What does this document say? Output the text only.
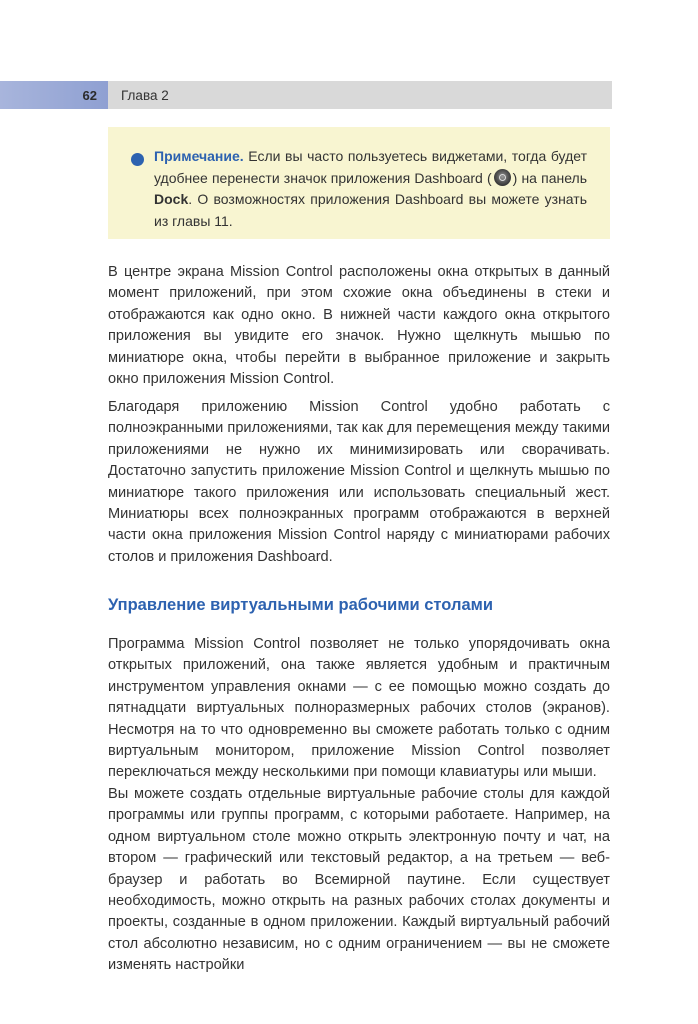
62 Глава 2
Примечание. Если вы часто пользуетесь виджетами, тогда будет удобнее перенести значок приложения Dashboard ( ) на панель Dock. О возможностях приложения Dashboard вы можете узнать из главы 11.

В центре экрана Mission Control расположены окна открытых в данный момент приложений, при этом схожие окна объединены в стеки и отображаются как одно окно. В нижней части каждого окна открытого приложения вы увидите его значок. Нужно щелкнуть мышью по миниатюре окна, чтобы перейти в выбранное приложение и закрыть окно приложения Mission Control.

Благодаря приложению Mission Control удобно работать с полноэкранными приложениями, так как для перемещения между такими приложениями не нужно их минимизировать или сворачивать. Достаточно запустить приложение Mission Control и щелкнуть мышью по миниатюре такого приложения или использовать специальный жест. Миниатюры всех полноэкранных программ отображаются в верхней части окна приложения Mission Control наряду с миниатюрами рабочих столов и приложения Dashboard.

Управление виртуальными рабочими столами

Программа Mission Control позволяет не только упорядочивать окна открытых приложений, она также является удобным и практичным инструментом управления окнами — с ее помощью можно создать до пятнадцати виртуальных полноразмерных рабочих столов (экранов). Несмотря на то что одновременно вы сможете работать только с одним виртуальным монитором, приложение Mission Control позволяет переключаться между несколькими при помощи клавиатуры или мыши.

Вы можете создать отдельные виртуальные рабочие столы для каждой программы или группы программ, с которыми работаете. Например, на одном виртуальном столе можно открыть электронную почту и чат, на втором — графический или текстовый редактор, а на третьем — веб-браузер и работать во Всемирной паутине. Если существует необходимость, можно открыть на разных рабочих столах документы и проекты, созданные в одном приложении. Каждый виртуальный рабочий стол абсолютно независим, но с одним ограничением — вы не сможете изменять настройки
